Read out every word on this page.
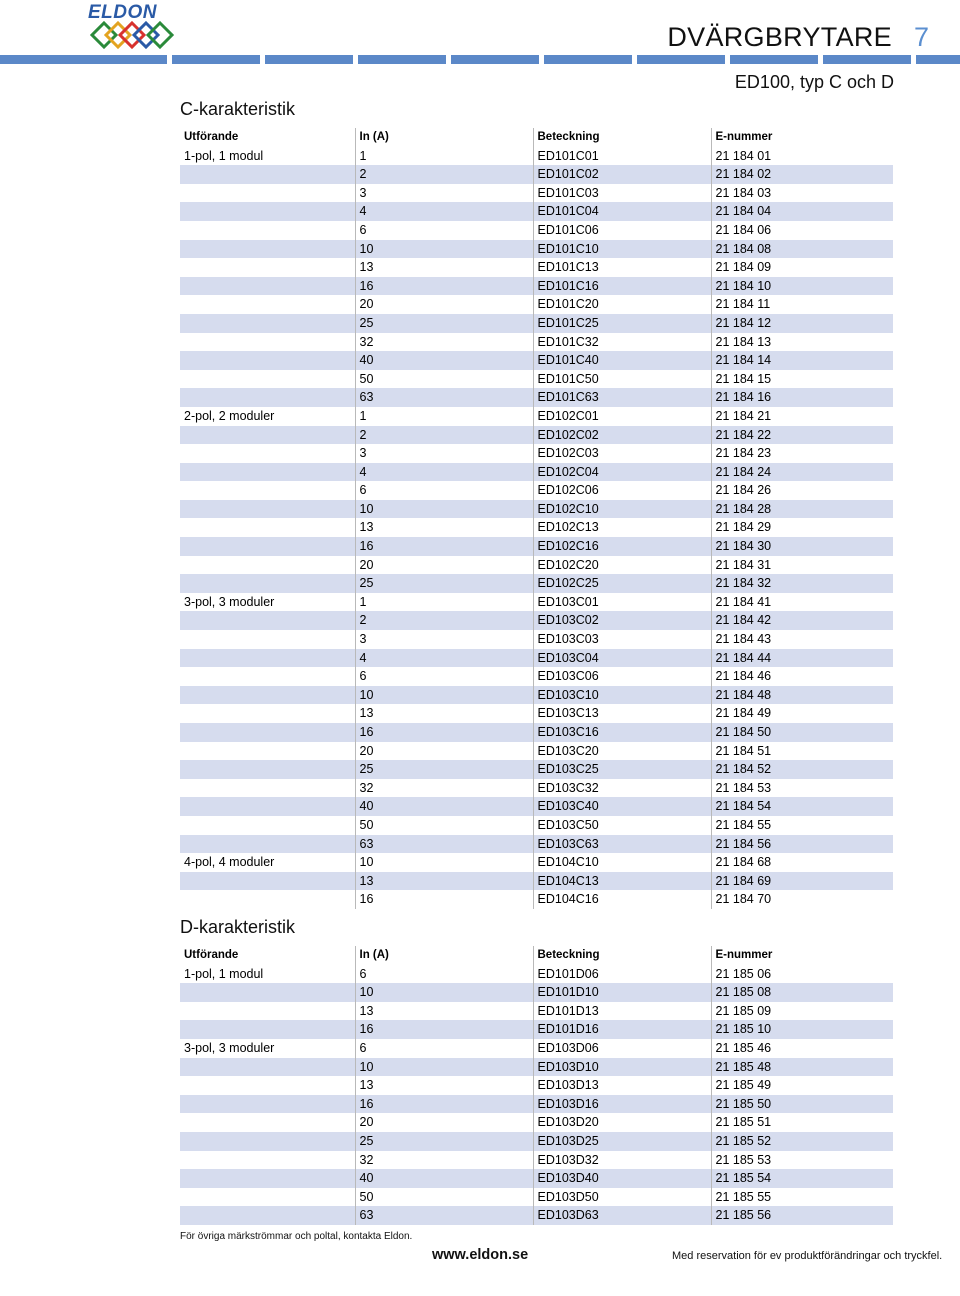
ELDON
DVÄRGBRYTARE 7
ED100, typ C och D
C-karakteristik
Utförande	In (A)	Beteckning	E-nummer
1-pol, 1 modul	1	ED101C01	21 184 01
	2	ED101C02	21 184 02
	3	ED101C03	21 184 03
	4	ED101C04	21 184 04
	6	ED101C06	21 184 06
	10	ED101C10	21 184 08
	13	ED101C13	21 184 09
	16	ED101C16	21 184 10
	20	ED101C20	21 184 11
	25	ED101C25	21 184 12
	32	ED101C32	21 184 13
	40	ED101C40	21 184 14
	50	ED101C50	21 184 15
	63	ED101C63	21 184 16
2-pol, 2 moduler	1	ED102C01	21 184 21
	2	ED102C02	21 184 22
	3	ED102C03	21 184 23
	4	ED102C04	21 184 24
	6	ED102C06	21 184 26
	10	ED102C10	21 184 28
	13	ED102C13	21 184 29
	16	ED102C16	21 184 30
	20	ED102C20	21 184 31
	25	ED102C25	21 184 32
3-pol, 3 moduler	1	ED103C01	21 184 41
	2	ED103C02	21 184 42
	3	ED103C03	21 184 43
	4	ED103C04	21 184 44
	6	ED103C06	21 184 46
	10	ED103C10	21 184 48
	13	ED103C13	21 184 49
	16	ED103C16	21 184 50
	20	ED103C20	21 184 51
	25	ED103C25	21 184 52
	32	ED103C32	21 184 53
	40	ED103C40	21 184 54
	50	ED103C50	21 184 55
	63	ED103C63	21 184 56
4-pol, 4 moduler	10	ED104C10	21 184 68
	13	ED104C13	21 184 69
	16	ED104C16	21 184 70
D-karakteristik
Utförande	In (A)	Beteckning	E-nummer
1-pol, 1 modul	6	ED101D06	21 185 06
	10	ED101D10	21 185 08
	13	ED101D13	21 185 09
	16	ED101D16	21 185 10
3-pol, 3 moduler	6	ED103D06	21 185 46
	10	ED103D10	21 185 48
	13	ED103D13	21 185 49
	16	ED103D16	21 185 50
	20	ED103D20	21 185 51
	25	ED103D25	21 185 52
	32	ED103D32	21 185 53
	40	ED103D40	21 185 54
	50	ED103D50	21 185 55
	63	ED103D63	21 185 56
För övriga märkströmmar och poltal, kontakta Eldon.
www.eldon.se	Med reservation för ev produktförändringar och tryckfel.
